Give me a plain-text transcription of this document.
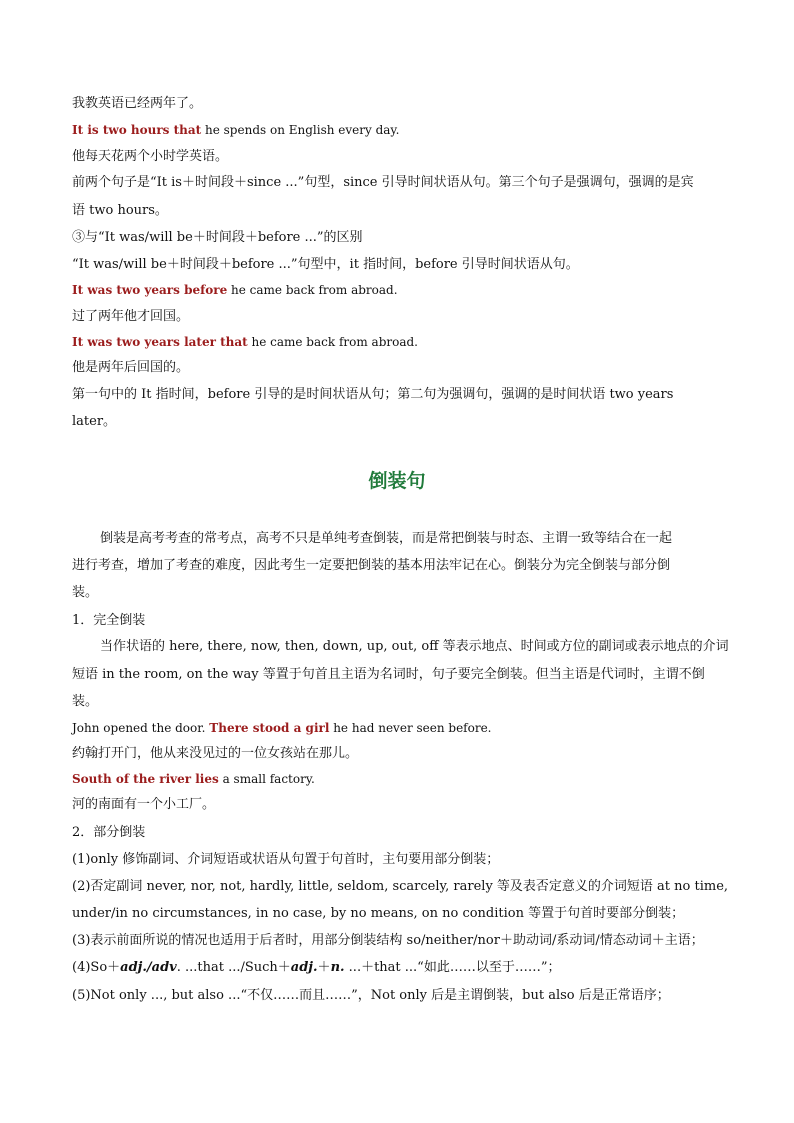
我教英语已经两年了。
It is two hours that he spends on English every day.
他每天花两个小时学英语。
前两个句子是“It is＋时间段＋since ...”句型，since 引导时间状语从句。第三个句子是强调句，强调的是宾
语 two hours。
③与“It was/will be＋时间段＋before ...”的区别
“It was/will be＋时间段＋before ...”句型中，it 指时间，before 引导时间状语从句。
It was two years before he came back from abroad.
过了两年他才回国。
It was two years later that he came back from abroad.
他是两年后回国的。
第一句中的 It 指时间，before 引导的是时间状语从句；第二句为强调句，强调的是时间状语 two years
later。
倒装句
倒装是高考考查的常考点，高考不只是单纯考查倒装，而是常把倒装与时态、主谓一致等结合在一起
进行考查，增加了考查的难度，因此考生一定要把倒装的基本用法牢记在心。倒装分为完全倒装与部分倒
装。
1．完全倒装
当作状语的 here, there, now, then, down, up, out, off 等表示地点、时间或方位的副词或表示地点的介词
短语 in the room, on the way 等置于句首且主语为名词时，句子要完全倒装。但当主语是代词时，主谓不倒
装。
John opened the door. There stood a girl he had never seen before.
约翰打开门，他从来没见过的一位女孩站在那儿。
South of the river lies a small factory.
河的南面有一个小工厂。
2．部分倒装
(1)only 修饰副词、介词短语或状语从句置于句首时，主句要用部分倒装；
(2)否定副词 never, nor, not, hardly, little, seldom, scarcely, rarely 等及表否定意义的介词短语 at no time,
under/in no circumstances, in no case, by no means, on no condition 等置于句首时要部分倒装；
(3)表示前面所说的情况也适用于后者时，用部分倒装结构 so/neither/nor＋助动词/系动词/情态动词＋主语；
(4)So＋adj./adv. ...that .../Such＋adj.＋n. ...＋that ...“如此……以至于……”；
(5)Not only ..., but also ...“不仅……而且……”，Not only 后是主谓倒装，but also 后是正常语序；
